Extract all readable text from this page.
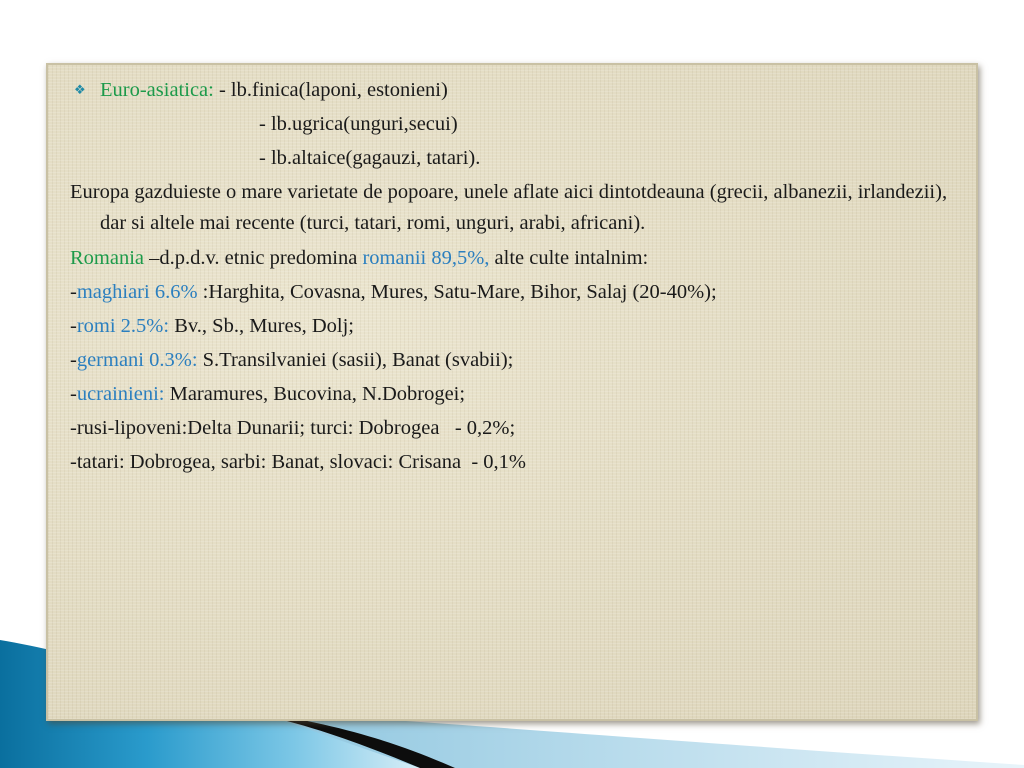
❖ Euro-asiatica: - lb.finica(laponi, estonieni)
- lb.ugrica(unguri,secui)
- lb.altaice(gagauzi, tatari).
Europa gazduieste o mare varietate de popoare, unele aflate aici dintotdeauna (grecii, albanezii, irlandezii), dar si altele mai recente (turci, tatari, romi, unguri, arabi, africani).
Romania –d.p.d.v. etnic predomina romanii 89,5%, alte culte intalnim:
-maghiari 6.6% :Harghita, Covasna, Mures, Satu-Mare, Bihor, Salaj (20-40%);
-romi 2.5%: Bv., Sb., Mures, Dolj;
-germani 0.3%: S.Transilvaniei (sasii), Banat (svabii);
-ucrainieni: Maramures, Bucovina, N.Dobrogei;
-rusi-lipoveni:Delta Dunarii; turci: Dobrogea   - 0,2%;
-tatari: Dobrogea, sarbi: Banat, slovaci: Crisana  - 0,1%
